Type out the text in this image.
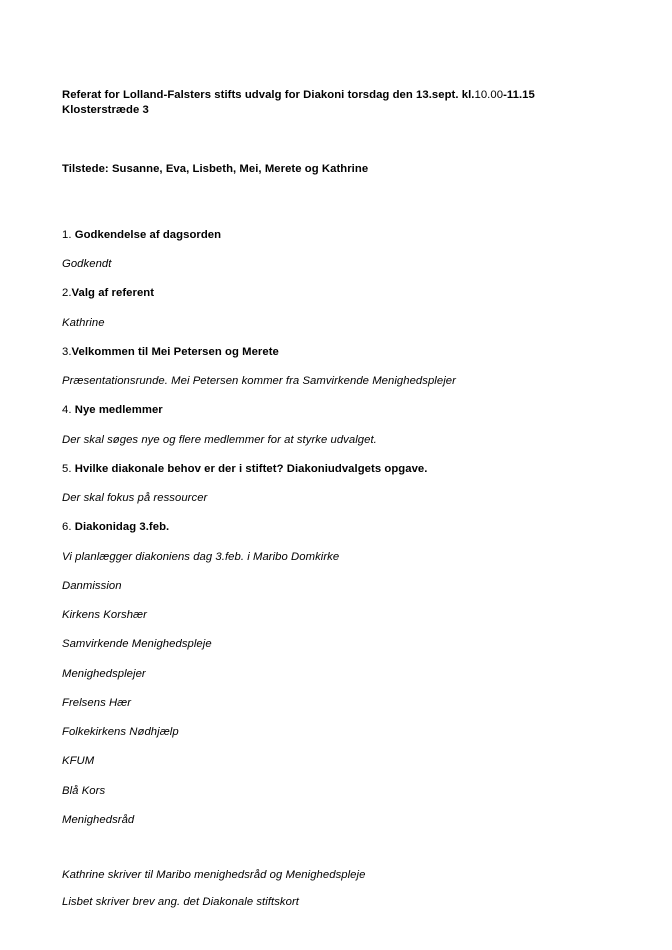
Referat for Lolland-Falsters stifts udvalg for Diakoni torsdag den 13.sept. kl.10.00-11.15 Klosterstræde 3

Tilstede: Susanne, Eva, Lisbeth, Mei, Merete og Kathrine

1. Godkendelse af dagsorden

Godkendt

2.Valg af referent

Kathrine

3.Velkommen til Mei Petersen og Merete

Præsentationsrunde. Mei Petersen kommer fra Samvirkende Menighedsplejer

4. Nye medlemmer

Der skal søges nye og flere medlemmer for at styrke udvalget.

5. Hvilke diakonale behov er der i stiftet? Diakoniudvalgets opgave.

Der skal fokus på ressourcer

6. Diakonidag 3.feb.

Vi planlægger diakoniens dag 3.feb. i Maribo Domkirke

Danmission

Kirkens Korshær

Samvirkende Menighedspleje

Menighedsplejer

Frelsens Hær

Folkekirkens Nødhjælp

KFUM

Blå Kors

Menighedsråd

Kathrine skriver til Maribo menighedsråd og Menighedspleje

Lisbet skriver brev ang. det Diakonale stiftskort
